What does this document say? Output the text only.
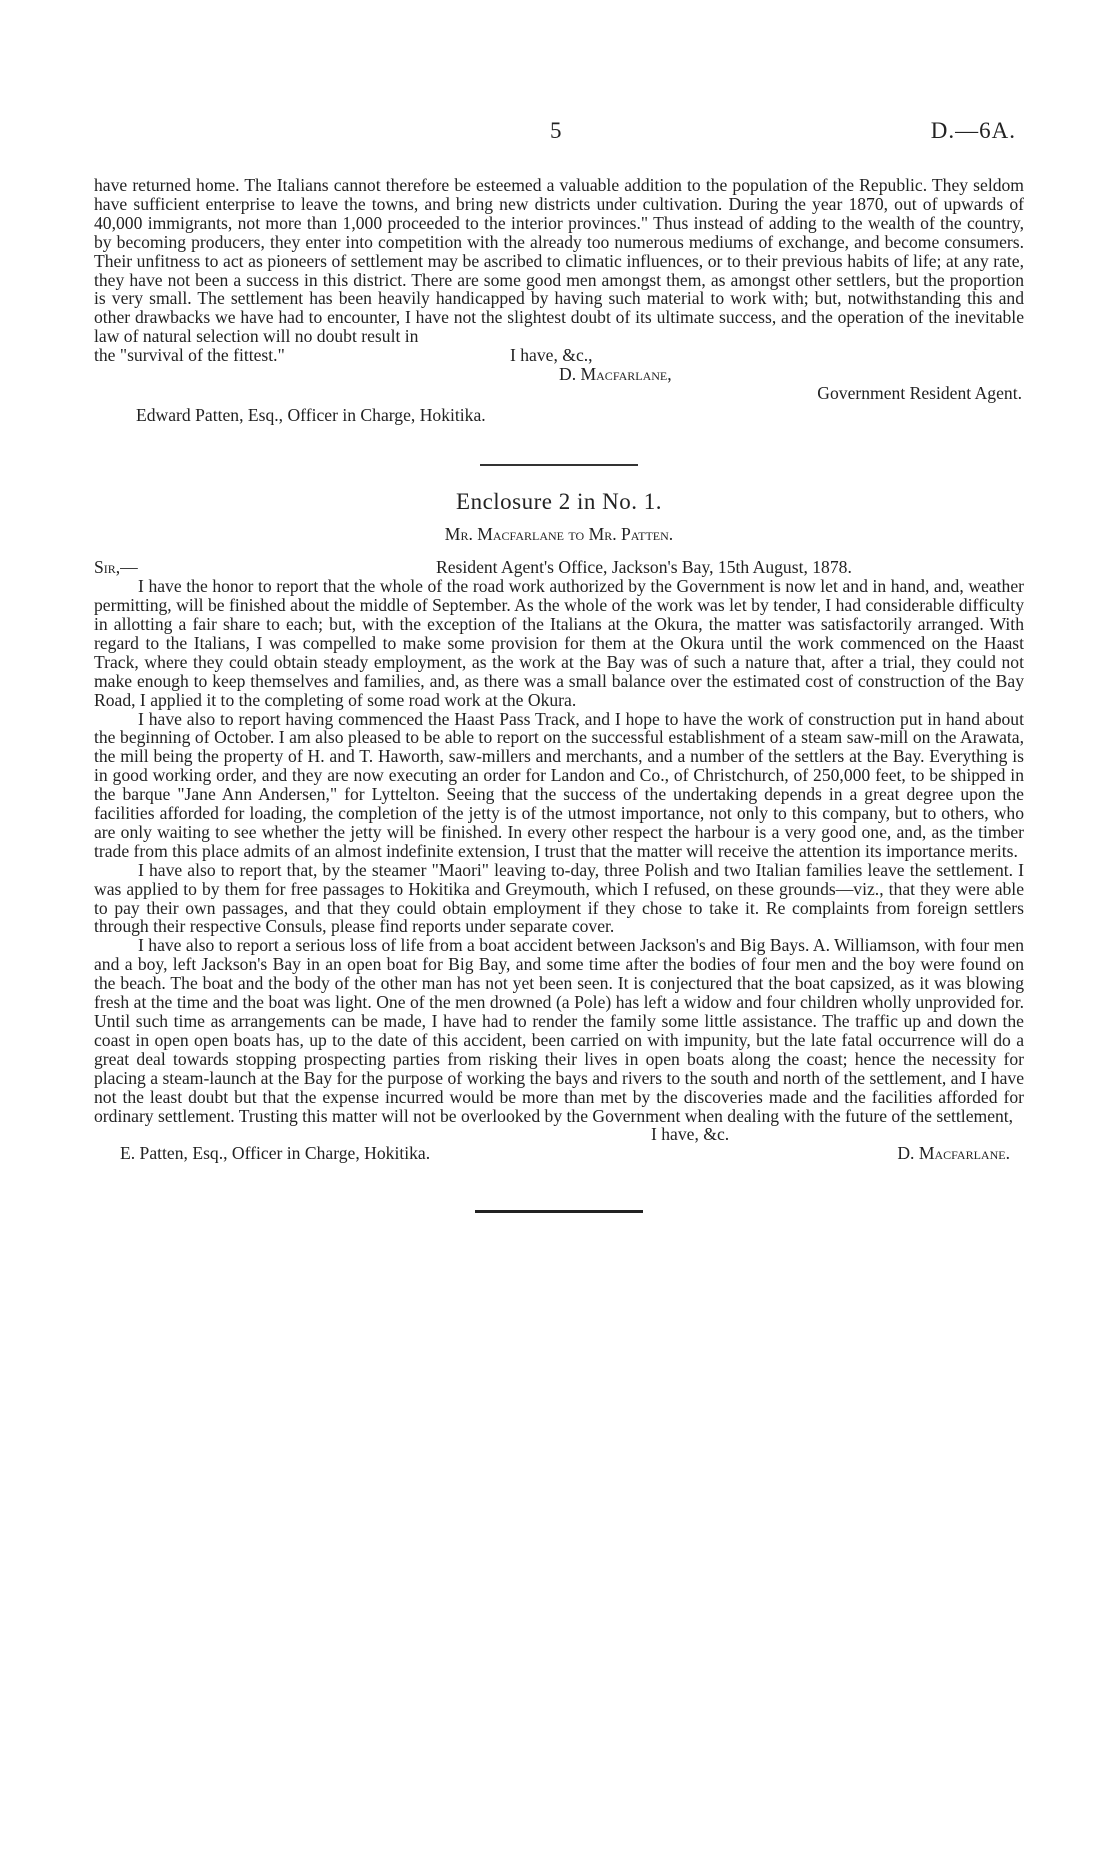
5	D.—6A.

have returned home. The Italians cannot therefore be esteemed a valuable addition to the population of the Republic. They seldom have sufficient enterprise to leave the towns, and bring new districts under cultivation. During the year 1870, out of upwards of 40,000 immigrants, not more than 1,000 proceeded to the interior provinces." Thus instead of adding to the wealth of the country, by becoming producers, they enter into competition with the already too numerous mediums of exchange, and become consumers. Their unfitness to act as pioneers of settlement may be ascribed to climatic influences, or to their previous habits of life; at any rate, they have not been a success in this district. There are some good men amongst them, as amongst other settlers, but the proportion is very small. The settlement has been heavily handicapped by having such material to work with; but, notwithstanding this and other drawbacks we have had to encounter, I have not the slightest doubt of its ultimate success, and the operation of the inevitable law of natural selection will no doubt result in

the "survival of the fittest."	I have, &c.,
D. Macfarlane,
Government Resident Agent.
Edward Patten, Esq., Officer in Charge, Hokitika.
Enclosure 2 in No. 1.
Mr. Macfarlane to Mr. Patten.
Sir,—	Resident Agent's Office, Jackson's Bay, 15th August, 1878.

I have the honor to report that the whole of the road work authorized by the Government is now let and in hand, and, weather permitting, will be finished about the middle of September. As the whole of the work was let by tender, I had considerable difficulty in allotting a fair share to each; but, with the exception of the Italians at the Okura, the matter was satisfactorily arranged. With regard to the Italians, I was compelled to make some provision for them at the Okura until the work commenced on the Haast Track, where they could obtain steady employment, as the work at the Bay was of such a nature that, after a trial, they could not make enough to keep themselves and families, and, as there was a small balance over the estimated cost of construction of the Bay Road, I applied it to the completing of some road work at the Okura.

I have also to report having commenced the Haast Pass Track, and I hope to have the work of construction put in hand about the beginning of October. I am also pleased to be able to report on the successful establishment of a steam saw-mill on the Arawata, the mill being the property of H. and T. Haworth, saw-millers and merchants, and a number of the settlers at the Bay. Everything is in good working order, and they are now executing an order for Landon and Co., of Christchurch, of 250,000 feet, to be shipped in the barque "Jane Ann Andersen," for Lyttelton. Seeing that the success of the undertaking depends in a great degree upon the facilities afforded for loading, the completion of the jetty is of the utmost importance, not only to this company, but to others, who are only waiting to see whether the jetty will be finished. In every other respect the harbour is a very good one, and, as the timber trade from this place admits of an almost indefinite extension, I trust that the matter will receive the attention its importance merits.

I have also to report that, by the steamer "Maori" leaving to-day, three Polish and two Italian families leave the settlement. I was applied to by them for free passages to Hokitika and Greymouth, which I refused, on these grounds—viz., that they were able to pay their own passages, and that they could obtain employment if they chose to take it. Re complaints from foreign settlers through their respective Consuls, please find reports under separate cover.

I have also to report a serious loss of life from a boat accident between Jackson's and Big Bays. A. Williamson, with four men and a boy, left Jackson's Bay in an open boat for Big Bay, and some time after the bodies of four men and the boy were found on the beach. The boat and the body of the other man has not yet been seen. It is conjectured that the boat capsized, as it was blowing fresh at the time and the boat was light. One of the men drowned (a Pole) has left a widow and four children wholly unprovided for. Until such time as arrangements can be made, I have had to render the family some little assistance. The traffic up and down the coast in open open boats has, up to the date of this accident, been carried on with impunity, but the late fatal occurrence will do a great deal towards stopping prospecting parties from risking their lives in open boats along the coast; hence the necessity for placing a steam-launch at the Bay for the purpose of working the bays and rivers to the south and north of the settlement, and I have not the least doubt but that the expense incurred would be more than met by the discoveries made and the facilities afforded for ordinary settlement. Trusting this matter will not be overlooked by the Government when dealing with the future of the settlement,

I have, &c.
E. Patten, Esq., Officer in Charge, Hokitika.	D. Macfarlane.
